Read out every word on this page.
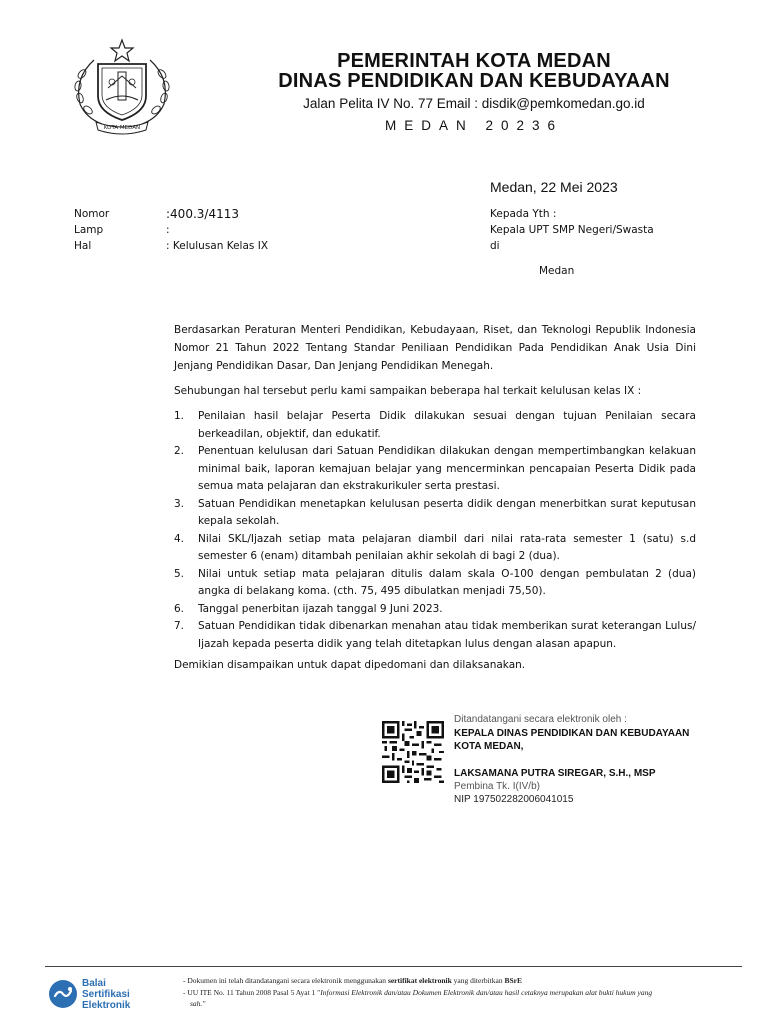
KOTA MEDAN
PEMERINTAH KOTA MEDAN
DINAS PENDIDIKAN DAN KEBUDAYAAN
Jalan Pelita IV No. 77 Email : disdik@pemkomedan.go.id
MEDAN 20236
Medan, 22 Mei 2023
Nomor	:400.3/4113
Lamp	:
Hal	: Kelulusan Kelas IX
Kepada Yth :
Kepala UPT SMP Negeri/Swasta
di
Medan
Berdasarkan Peraturan Menteri Pendidikan, Kebudayaan, Riset, dan Teknologi Republik Indonesia Nomor 21 Tahun 2022 Tentang Standar Peniliaan Pendidikan Pada Pendidikan Anak Usia Dini Jenjang Pendidikan Dasar, Dan Jenjang Pendidikan Menegah.
Sehubungan hal tersebut perlu kami sampaikan beberapa hal terkait kelulusan kelas IX :
1. Penilaian hasil belajar Peserta Didik dilakukan sesuai dengan tujuan Penilaian secara berkeadilan, objektif, dan edukatif.
2. Penentuan kelulusan dari Satuan Pendidikan dilakukan dengan mempertimbangkan kelakuan minimal baik, laporan kemajuan belajar yang mencerminkan pencapaian Peserta Didik pada semua mata pelajaran dan ekstrakurikuler serta prestasi.
3. Satuan Pendidikan menetapkan kelulusan peserta didik dengan menerbitkan surat keputusan kepala sekolah.
4. Nilai SKL/Ijazah setiap mata pelajaran diambil dari nilai rata-rata semester 1 (satu) s.d semester 6 (enam) ditambah penilaian akhir sekolah di bagi 2 (dua).
5. Nilai untuk setiap mata pelajaran ditulis dalam skala O-100 dengan pembulatan 2 (dua) angka di belakang koma. (cth. 75, 495 dibulatkan menjadi 75,50).
6. Tanggal penerbitan ijazah tanggal 9 Juni 2023.
7. Satuan Pendidikan tidak dibenarkan menahan atau tidak memberikan surat keterangan Lulus/ Ijazah kepada peserta didik yang telah ditetapkan lulus dengan alasan apapun.
Demikian disampaikan untuk dapat dipedomani dan dilaksanakan.
Ditandatangani secara elektronik oleh :
KEPALA DINAS PENDIDIKAN DAN KEBUDAYAAN
KOTA MEDAN,
LAKSAMANA PUTRA SIREGAR, S.H., MSP
Pembina Tk. I(IV/b)
NIP 197502282006041015
Balai
Sertifikasi
Elektronik
- Dokumen ini telah ditandatangani secara elektronik menggunakan sertifikat elektronik yang diterbitkan BSrE
- UU ITE No. 11 Tahun 2008 Pasal 5 Ayat 1 "Informasi Elektronik dan/atau Dokumen Elektronik dan/atau hasil cetaknya merupakan alat bukti hukum yang
sah."
